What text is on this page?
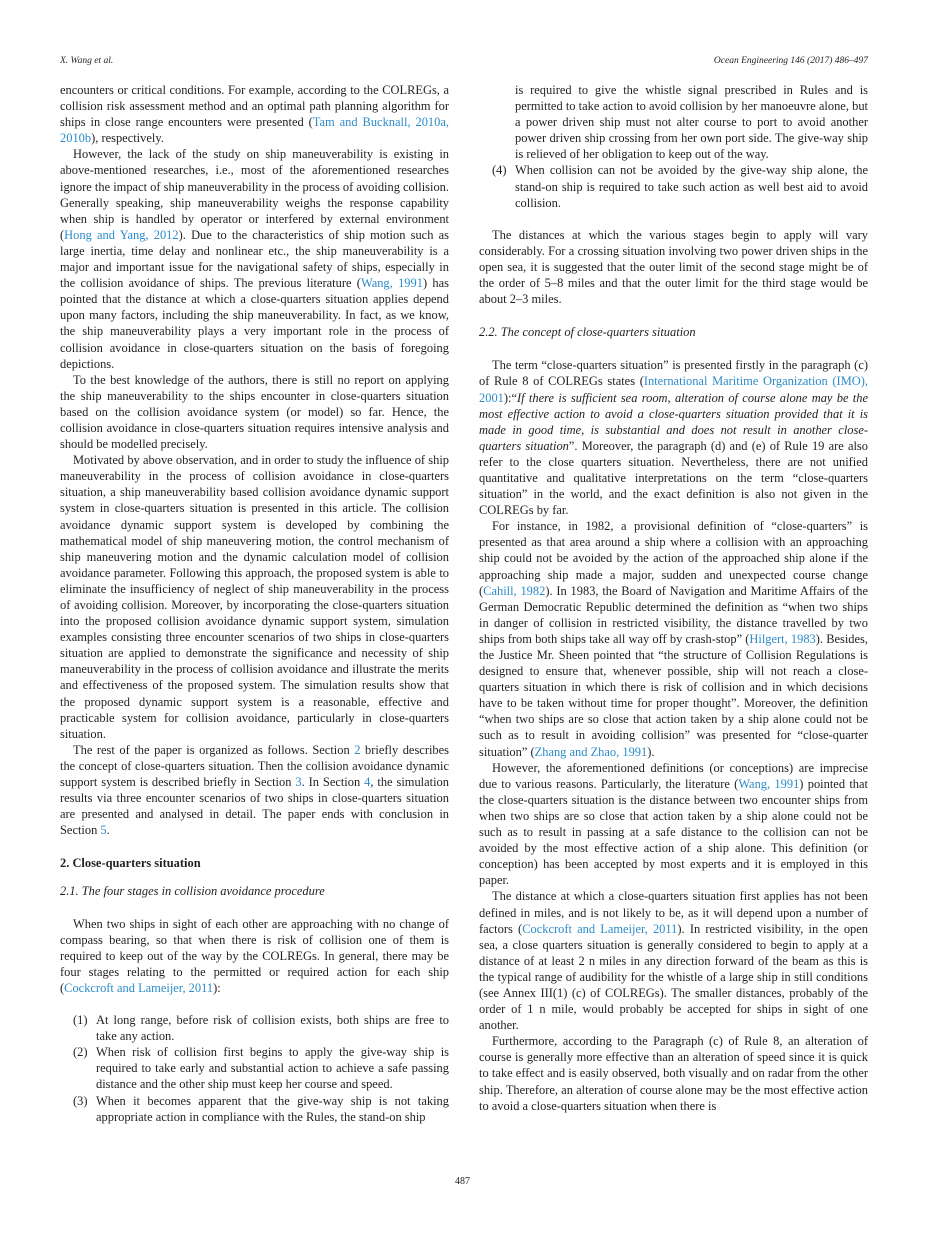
X. Wang et al.	Ocean Engineering 146 (2017) 486–497

encounters or critical conditions. For example, according to the COLREGs, a collision risk assessment method and an optimal path planning algorithm for ships in close range encounters were presented (Tam and Bucknall, 2010a, 2010b), respectively.

However, the lack of the study on ship maneuverability is existing in above-mentioned researches, i.e., most of the aforementioned researches ignore the impact of ship maneuverability in the process of avoiding collision. Generally speaking, ship maneuverability weighs the response capability when ship is handled by operator or interfered by external environment (Hong and Yang, 2012). Due to the characteristics of ship motion such as large inertia, time delay and nonlinear etc., the ship maneuverability is a major and important issue for the navigational safety of ships, especially in the collision avoidance of ships. The previous literature (Wang, 1991) has pointed that the distance at which a close-quarters situation applies depend upon many factors, including the ship maneuverability. In fact, as we know, the ship maneuverability plays a very important role in the process of collision avoidance in close-quarters situation on the basis of foregoing depictions.

To the best knowledge of the authors, there is still no report on applying the ship maneuverability to the ships encounter in close-quarters situation based on the collision avoidance system (or model) so far. Hence, the collision avoidance in close-quarters situation requires intensive analysis and should be modelled precisely.

Motivated by above observation, and in order to study the influence of ship maneuverability in the process of collision avoidance in close-quarters situation, a ship maneuverability based collision avoidance dynamic support system in close-quarters situation is presented in this article. The collision avoidance dynamic support system is developed by combining the mathematical model of ship maneuvering motion, the control mechanism of ship maneuvering motion and the dynamic calculation model of collision avoidance parameter. Following this approach, the proposed system is able to eliminate the insufficiency of neglect of ship maneuverability in the process of avoiding collision. Moreover, by incorporating the close-quarters situation into the proposed collision avoidance dynamic support system, simulation examples consisting three encounter scenarios of two ships in close-quarters situation are applied to demonstrate the significance and necessity of ship maneuverability in the process of collision avoidance and illustrate the merits and effectiveness of the proposed system. The simulation results show that the proposed dynamic support system is a reasonable, effective and practicable system for collision avoidance, particularly in close-quarters situation.

The rest of the paper is organized as follows. Section 2 briefly describes the concept of close-quarters situation. Then the collision avoidance dynamic support system is described briefly in Section 3. In Section 4, the simulation results via three encounter scenarios of two ships in close-quarters situation are presented and analysed in detail. The paper ends with conclusion in Section 5.

2. Close-quarters situation
2.1. The four stages in collision avoidance procedure

When two ships in sight of each other are approaching with no change of compass bearing, so that when there is risk of collision one of them is required to keep out of the way by the COLREGs. In general, there may be four stages relating to the permitted or required action for each ship (Cockcroft and Lameijer, 2011):

(1) At long range, before risk of collision exists, both ships are free to take any action.
(2) When risk of collision first begins to apply the give-way ship is required to take early and substantial action to achieve a safe passing distance and the other ship must keep her course and speed.
(3) When it becomes apparent that the give-way ship is not taking appropriate action in compliance with the Rules, the stand-on ship
is required to give the whistle signal prescribed in Rules and is permitted to take action to avoid collision by her manoeuvre alone, but a power driven ship must not alter course to port to avoid another power driven ship crossing from her own port side. The give-way ship is relieved of her obligation to keep out of the way.
(4) When collision can not be avoided by the give-way ship alone, the stand-on ship is required to take such action as well best aid to avoid collision.

The distances at which the various stages begin to apply will vary considerably. For a crossing situation involving two power driven ships in the open sea, it is suggested that the outer limit of the second stage might be of the order of 5–8 miles and that the outer limit for the third stage would be about 2–3 miles.

2.2. The concept of close-quarters situation

The term “close-quarters situation” is presented firstly in the paragraph (c) of Rule 8 of COLREGs states (International Maritime Organization (IMO), 2001):“If there is sufficient sea room, alteration of course alone may be the most effective action to avoid a close-quarters situation provided that it is made in good time, is substantial and does not result in another close-quarters situation”. Moreover, the paragraph (d) and (e) of Rule 19 are also refer to the close quarters situation. Nevertheless, there are not unified quantitative and qualitative interpretations on the term “close-quarters situation” in the world, and the exact definition is also not given in the COLREGs by far.

For instance, in 1982, a provisional definition of “close-quarters” is presented as that area around a ship where a collision with an approaching ship could not be avoided by the action of the approached ship alone if the approaching ship made a major, sudden and unexpected course change (Cahill, 1982). In 1983, the Board of Navigation and Maritime Affairs of the German Democratic Republic determined the definition as “when two ships in danger of collision in restricted visibility, the distance travelled by two ships from both ships take all way off by crash-stop” (Hilgert, 1983). Besides, the Justice Mr. Sheen pointed that “the structure of Collision Regulations is designed to ensure that, whenever possible, ship will not reach a close-quarters situation in which there is risk of collision and in which decisions have to be taken without time for proper thought”. Moreover, the definition “when two ships are so close that action taken by a ship alone could not be such as to result in avoiding collision” was presented for “close-quarter situation” (Zhang and Zhao, 1991).

However, the aforementioned definitions (or conceptions) are imprecise due to various reasons. Particularly, the literature (Wang, 1991) pointed that the close-quarters situation is the distance between two encounter ships from when two ships are so close that action taken by a ship alone could not be such as to result in passing at a safe distance to the collision can not be avoided by the most effective action of a ship alone. This definition (or conception) has been accepted by most experts and it is employed in this paper.

The distance at which a close-quarters situation first applies has not been defined in miles, and is not likely to be, as it will depend upon a number of factors (Cockcroft and Lameijer, 2011). In restricted visibility, in the open sea, a close quarters situation is generally considered to begin to apply at a distance of at least 2 n miles in any direction forward of the beam as this is the typical range of audibility for the whistle of a large ship in still conditions (see Annex III(1) (c) of COLREGs). The smaller distances, probably of the order of 1 n mile, would probably be accepted for ships in sight of one another.

Furthermore, according to the Paragraph (c) of Rule 8, an alteration of course is generally more effective than an alteration of speed since it is quick to take effect and is easily observed, both visually and on radar from the other ship. Therefore, an alteration of course alone may be the most effective action to avoid a close-quarters situation when there is

487
